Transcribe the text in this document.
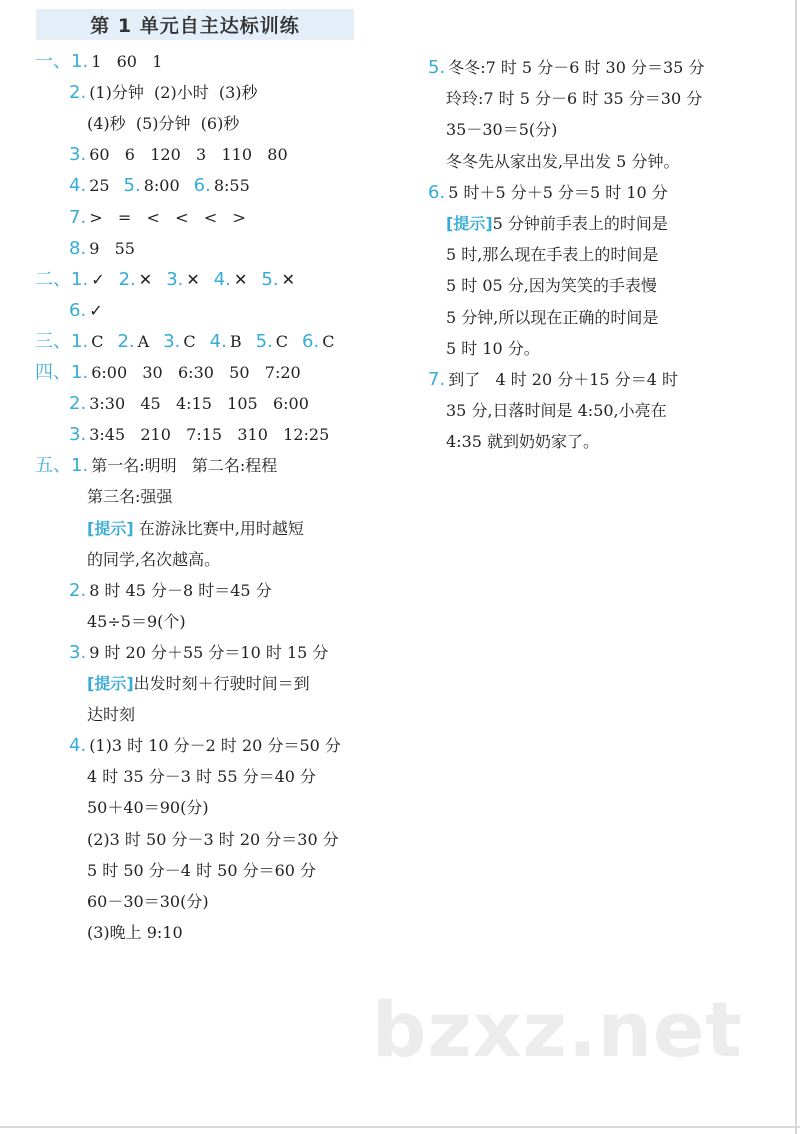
第 1 单元自主达标训练
一、1. 1   60   1
2. (1)分钟  (2)小时  (3)秒
(4)秒  (5)分钟  (6)秒
3. 60   6   120   3   110   80
4. 25 5. 8:00 6. 8:55
7. >   =   <   <   <   >
8. 9   55
二、1. ✓ 2. ✕ 3. ✕ 4. ✕ 5. ✕
6. ✓
三、1. C 2. A 3. C 4. B 5. C 6. C
四、1. 6:00   30   6:30   50   7:20
2. 3:30   45   4:15   105   6:00
3. 3:45   210   7:15   310   12:25
五、1. 第一名:明明   第二名:程程
第三名:强强
[提示] 在游泳比赛中,用时越短
的同学,名次越高。
2. 8 时 45 分－8 时＝45 分
45÷5＝9(个)
3. 9 时 20 分＋55 分＝10 时 15 分
[提示]出发时刻＋行驶时间＝到
达时刻
4. (1)3 时 10 分－2 时 20 分＝50 分
4 时 35 分－3 时 55 分＝40 分
50＋40＝90(分)
(2)3 时 50 分－3 时 20 分＝30 分
5 时 50 分－4 时 50 分＝60 分
60－30＝30(分)
(3)晚上 9:10
5. 冬冬:7 时 5 分－6 时 30 分＝35 分
玲玲:7 时 5 分－6 时 35 分＝30 分
35－30＝5(分)
冬冬先从家出发,早出发 5 分钟。
6. 5 时＋5 分＋5 分＝5 时 10 分
[提示]5 分钟前手表上的时间是
5 时,那么现在手表上的时间是
5 时 05 分,因为笑笑的手表慢
5 分钟,所以现在正确的时间是
5 时 10 分。
7. 到了   4 时 20 分＋15 分＝4 时
35 分,日落时间是 4:50,小亮在
4:35 就到奶奶家了。
bzxz.net
